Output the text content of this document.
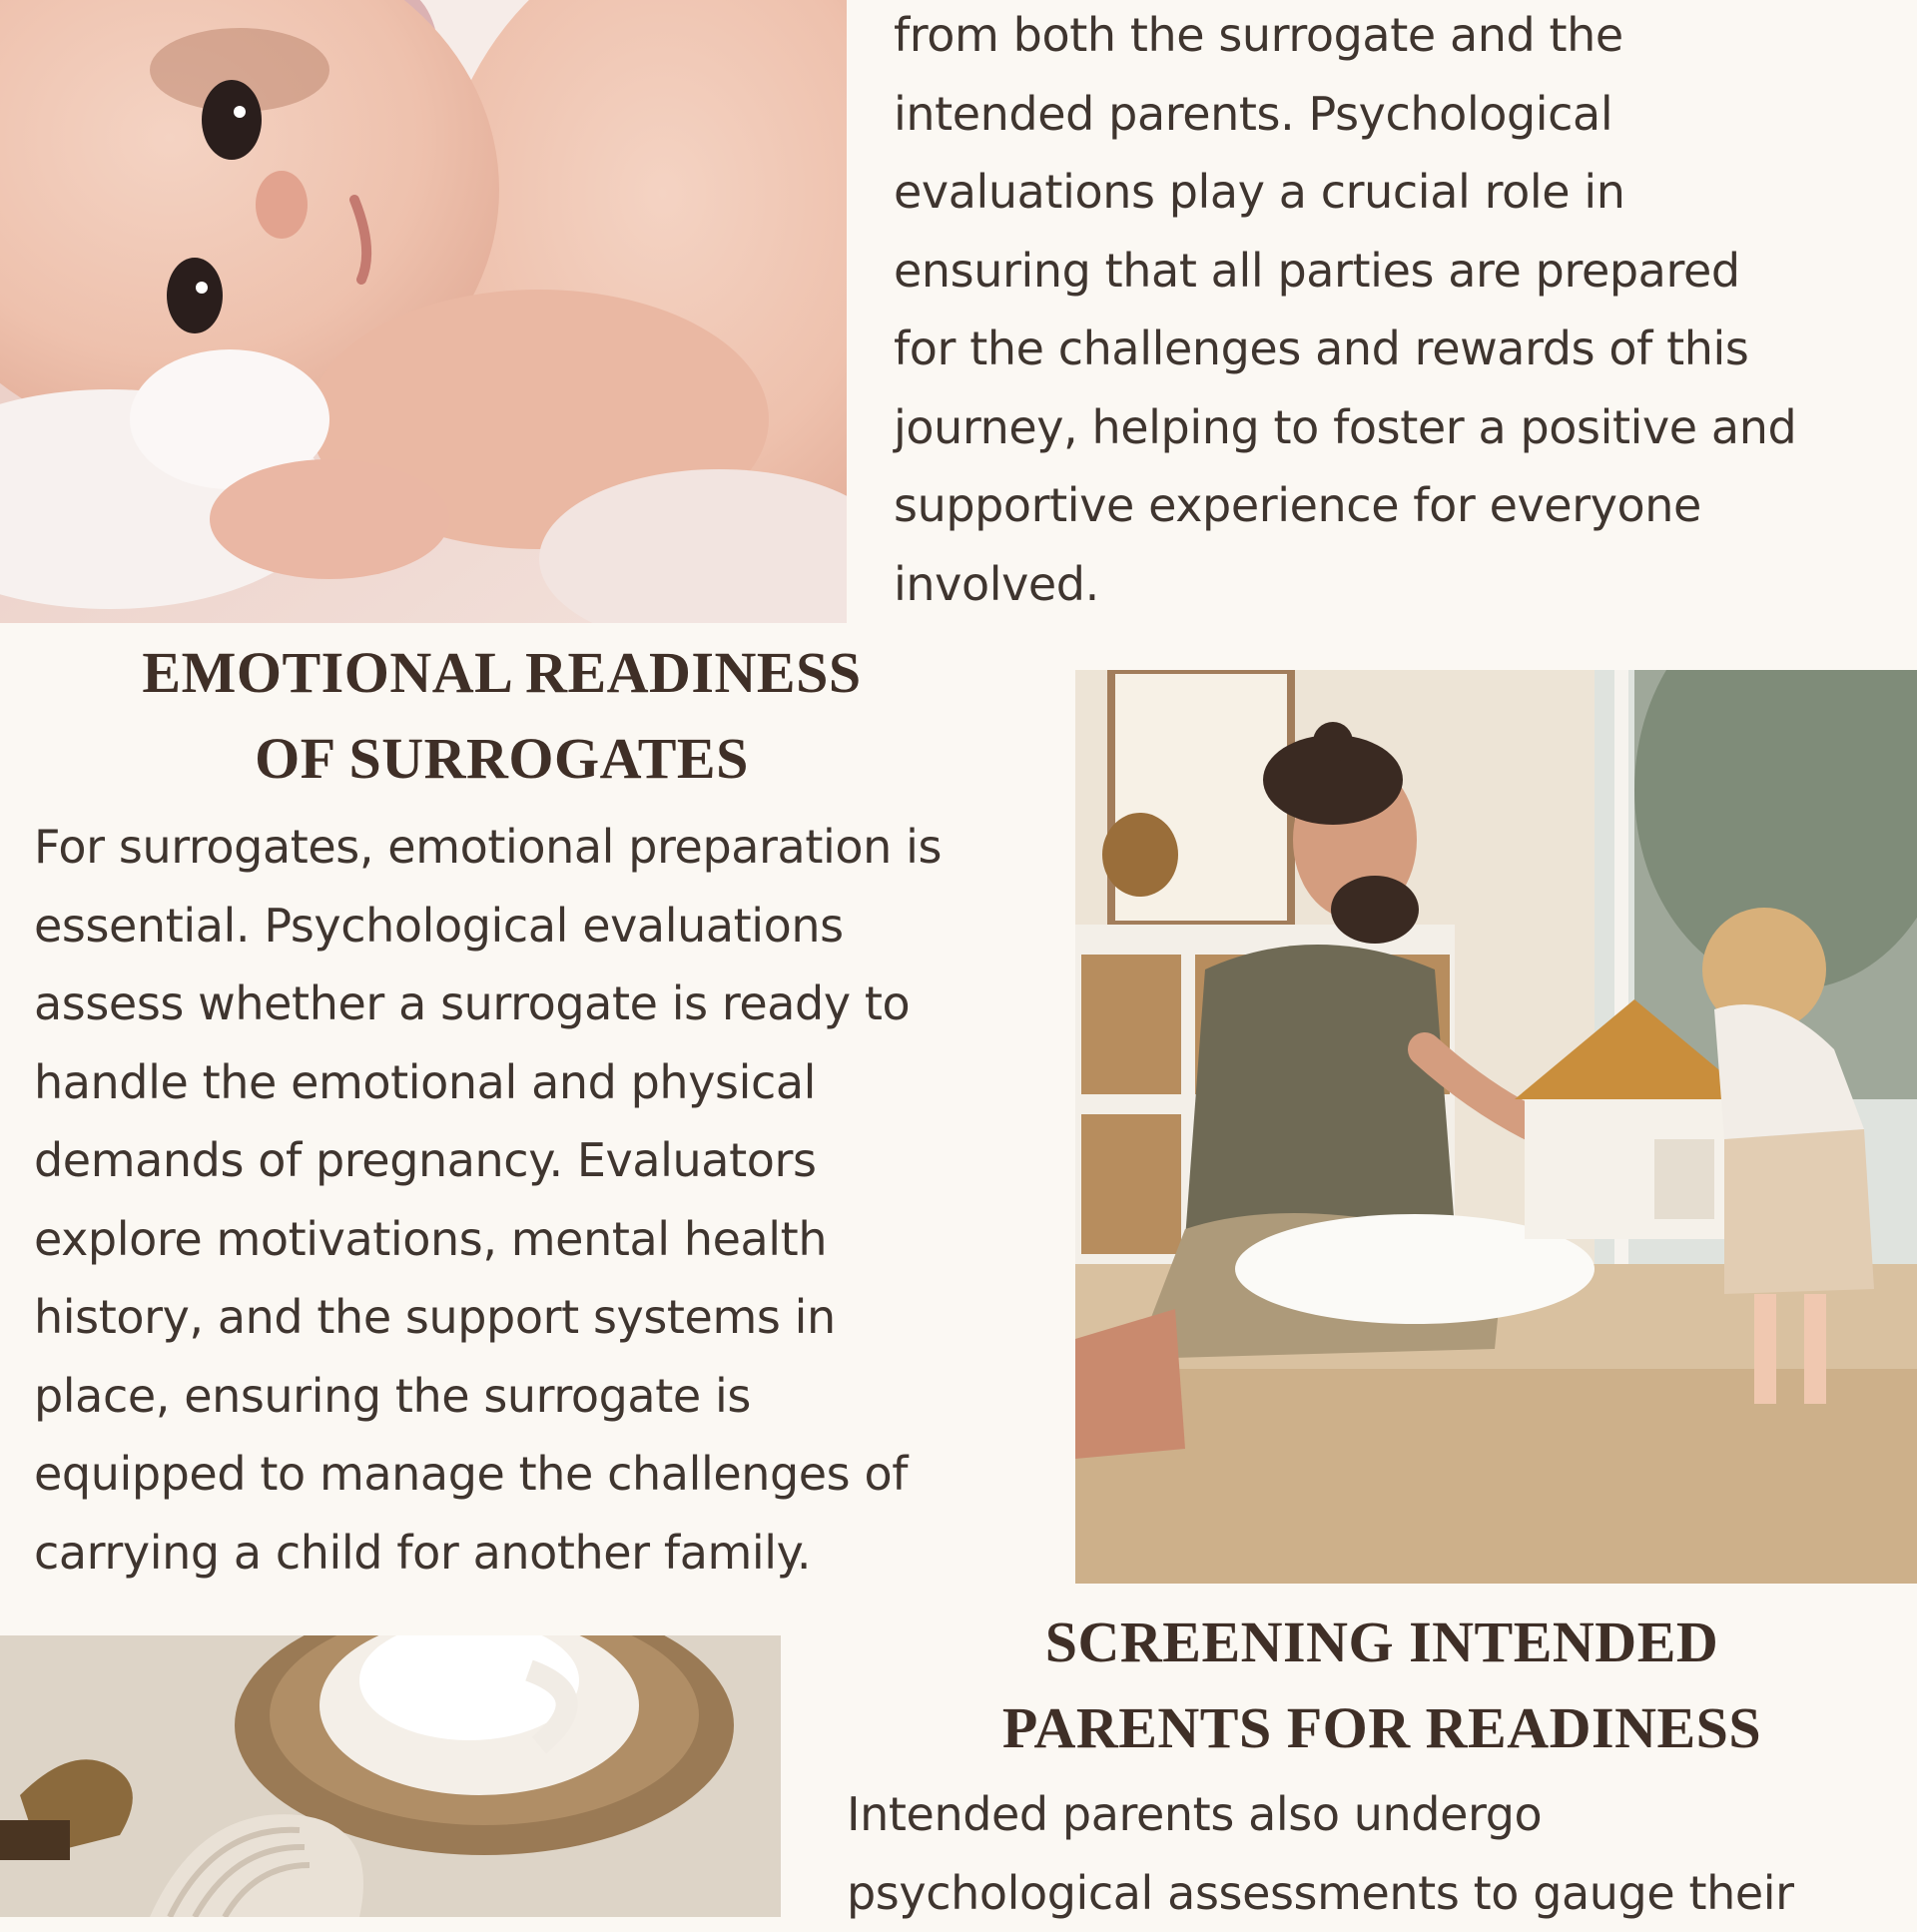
from both the surrogate and the
intended parents. Psychological
evaluations play a crucial role in
ensuring that all parties are prepared
for the challenges and rewards of this
journey, helping to foster a positive and
supportive experience for everyone
involved.

EMOTIONAL READINESS
OF SURROGATES

For surrogates, emotional preparation is
essential. Psychological evaluations
assess whether a surrogate is ready to
handle the emotional and physical
demands of pregnancy. Evaluators
explore motivations, mental health
history, and the support systems in
place, ensuring the surrogate is
equipped to manage the challenges of
carrying a child for another family.

SCREENING INTENDED
PARENTS FOR READINESS

Intended parents also undergo
psychological assessments to gauge their
